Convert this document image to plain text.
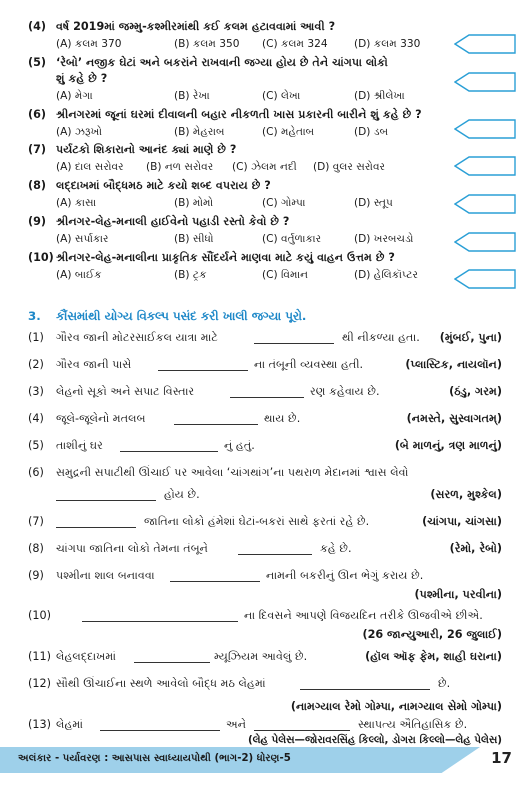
(4) વર્ષ 2019માં જમ્મુ-કશ્મીરમાંથી કઈ કલમ હટાવવામાં આવી ?
(A) કલમ 370	(B) કલમ 350 (C) કલમ 324 (D) કલમ 330
(5) ‘રેબો’ નજીક ઘેટાં અને બકરાંને રાખવાની જગ્યા હોય છે તેને ચાંગપા લોકો
શું કહે છે ?
(A) મેગા	(B) રેખા	(C) લેખા	(D) શ્રીલેખા
(6) શ્રીનગરમાં જૂનાં ઘરમાં દીવાલની બહાર નીકળતી ખાસ પ્રકારની બારીને શું કહે છે ?
(A) ઝરૂખો	(B) મેહરાબ	(C) મહેતાબ	(D) ડબ
(7) પર્યટકો શિકારાનો આનંદ ક્યાં માણે છે ?
(A) દાલ સરોવર (B) નળ સરોવર (C) ઝેલમ નદી (D) વુલર સરોવર
(8) લદ્દાખમાં બૌદ્ધમઠ માટે કયો શબ્દ વપરાય છે ?
(A) કાસા	(B) મોમો	(C) ગોમ્પા	(D) સ્તૂપ
(9) શ્રીનગર-લેહ-મનાલી હાઈવેનો પહાડી રસ્તો કેવો છે ?
(A) સર્પાકાર	(B) સીધો	(C) વર્તુળાકાર	(D) ખરબચડો
(10) શ્રીનગર-લેહ-મનાલીના પ્રાકૃતિક સૌંદર્યને માણવા માટે કયું વાહન ઉત્તમ છે ?
(A) બાઈક	(B) ટ્રક	(C) વિમાન	(D) હેલિકૉપ્ટર
3. કૌંસમાંથી યોગ્ય વિકલ્પ પસંદ કરી ખાલી જગ્યા પૂરો.
(1) ગૌરવ જાની મોટરસાઈકલ યાત્રા માટે	થી નીકળ્યા હતા. (મુંબઈ, પુના)
(2) ગૌરવ જાની પાસે	ના તંબૂની વ્યવસ્થા હતી.	(પ્લાસ્ટિક, નાયલૉન)
(3) લેહનો સૂકો અને સપાટ વિસ્તાર	રણ કહેવાય છે.	(ઠંડુ, ગરમ)
(4) જૂલે-જૂલેનો મતલબ	થાય છે.	(નમસ્તે, સુસ્વાગતમ્)
(5) તાશીનું ઘર	નું હતું.	(બે માળનું, ત્રણ માળનું)
(6) સમુદ્રની સપાટીથી ઊંચાઈ પર આવેલા ‘ચાંગથાંગ’ના પથરાળ મેદાનમાં શ્વાસ લેવો
હોય છે.	(સરળ, મુશ્કેલ)
(7)	જાતિના લોકો હંમેશાં ઘેટાં-બકરાં સાથે ફરતાં રહે છે.	(ચાંગપા, ચાંગસા)
(8) ચાંગપા જાતિના લોકો તેમના તંબૂને	કહે છે.	(રેમો, રેબો)
(9) પશ્મીના શાલ બનાવવા	નામની બકરીનું ઊન ભેગું કરાય છે.
(પશ્મીના, પરવીના)
(10)	ના દિવસને આપણે વિજયદિન તરીકે ઊજવીએ છીએ.
(26 જાન્યુઆરી, 26 જુલાઈ)
(11) લેહલદ્દાખમાં	મ્યૂઝિયમ આવેલું છે.	(હૉલ ઑફ ફેમ, શાહી ઘરાના)
(12) સૌથી ઊંચાઈના સ્થળે આવેલો બૌદ્ધ મઠ લેહમાં	છે.
(નામગ્યાલ રેમો ગોમ્પા, નામગ્યાલ સેમો ગોમ્પા)
(13) લેહમાં	અને	સ્થાપત્ય ઐતિહાસિક છે.
(લેહ પેલેસ—જોરાવરસિંહ કિલ્લો, ડોગરા કિલ્લો—લેહ પેલેસ)
અલંકાર - પર્યાવરણ : આસપાસ સ્વાધ્યાયપોથી (ભાગ-2) ધોરણ-5	17
